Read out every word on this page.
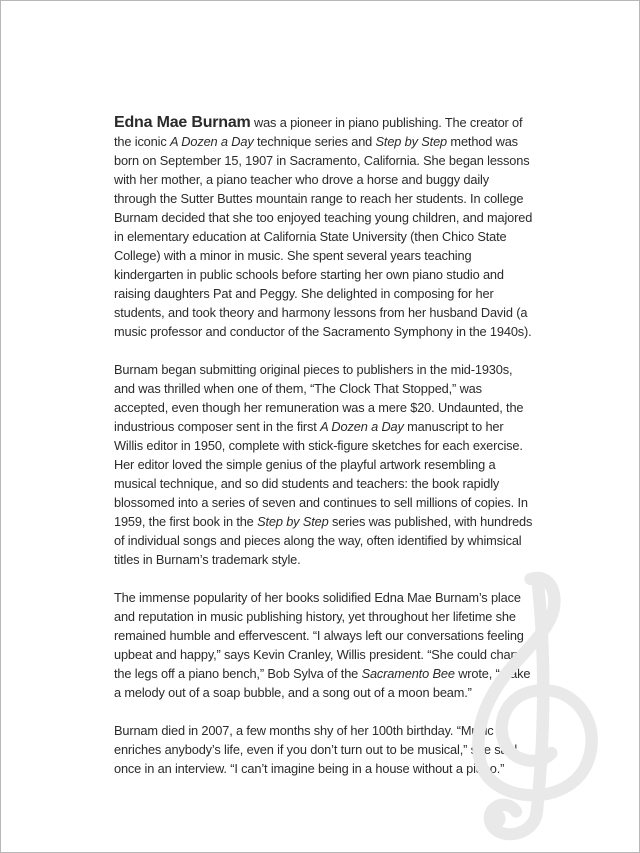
Edna Mae Burnam was a pioneer in piano publishing. The creator of the iconic A Dozen a Day technique series and Step by Step method was born on September 15, 1907 in Sacramento, California. She began lessons with her mother, a piano teacher who drove a horse and buggy daily through the Sutter Buttes mountain range to reach her students. In college Burnam decided that she too enjoyed teaching young children, and majored in elementary education at California State University (then Chico State College) with a minor in music. She spent several years teaching kindergarten in public schools before starting her own piano studio and raising daughters Pat and Peggy. She delighted in composing for her students, and took theory and harmony lessons from her husband David (a music professor and conductor of the Sacramento Symphony in the 1940s).

Burnam began submitting original pieces to publishers in the mid-1930s, and was thrilled when one of them, “The Clock That Stopped,” was accepted, even though her remuneration was a mere $20. Undaunted, the industrious composer sent in the first A Dozen a Day manuscript to her Willis editor in 1950, complete with stick-figure sketches for each exercise. Her editor loved the simple genius of the playful artwork resembling a musical technique, and so did students and teachers: the book rapidly blossomed into a series of seven and continues to sell millions of copies. In 1959, the first book in the Step by Step series was published, with hundreds of individual songs and pieces along the way, often identified by whimsical titles in Burnam’s trademark style.

The immense popularity of her books solidified Edna Mae Burnam’s place and reputation in music publishing history, yet throughout her lifetime she remained humble and effervescent. “I always left our conversations feeling upbeat and happy,” says Kevin Cranley, Willis president. “She could charm the legs off a piano bench,” Bob Sylva of the Sacramento Bee wrote, “make a melody out of a soap bubble, and a song out of a moon beam.”

Burnam died in 2007, a few months shy of her 100th birthday. “Music enriches anybody’s life, even if you don’t turn out to be musical,” she said once in an interview. “I can’t imagine being in a house without a piano.”
